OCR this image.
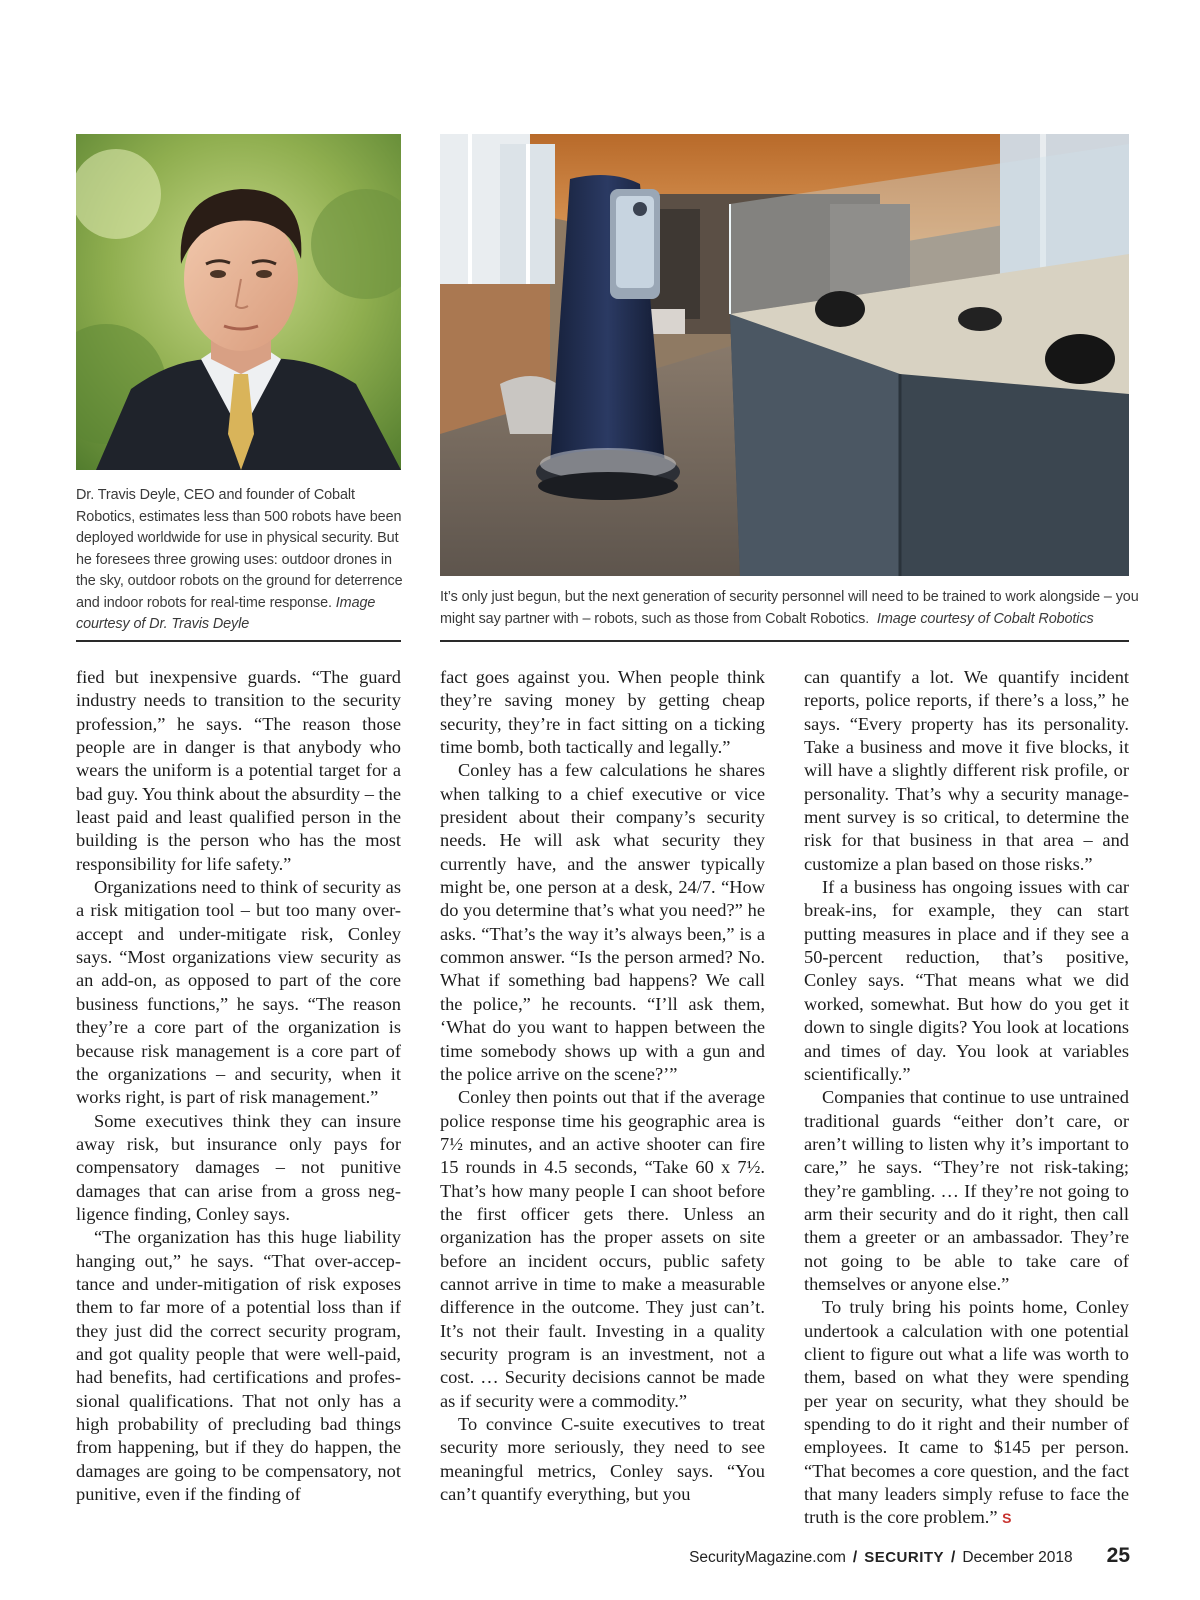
Dr. Travis Deyle, CEO and founder of Cobalt Robotics, estimates less than 500 robots have been deployed worldwide for use in physical security. But he foresees three growing uses: outdoor drones in the sky, outdoor robots on the ground for deterrence and indoor robots for real-time response. Image courtesy of Dr. Travis Deyle
It’s only just begun, but the next generation of security personnel will need to be trained to work alongside – you might say partner with – robots, such as those from Cobalt Robotics. Image courtesy of Cobalt Robotics

fied but inexpensive guards. “The guard industry needs to transition to the security profession,” he says. “The reason those people are in danger is that anybody who wears the uniform is a potential target for a bad guy. You think about the absurdity – the least paid and least qualified person in the building is the person who has the most responsibility for life safety.”

Organizations need to think of security as a risk mitigation tool – but too many over-accept and under-mitigate risk, Conley says. “Most organizations view security as an add-on, as opposed to part of the core business functions,” he says. “The reason they’re a core part of the organization is because risk management is a core part of the organizations – and security, when it works right, is part of risk management.”

Some executives think they can insure away risk, but insurance only pays for compensatory damages – not punitive damages that can arise from a gross negligence finding, Conley says.

“The organization has this huge liability hanging out,” he says. “That over-acceptance and under-mitigation of risk exposes them to far more of a potential loss than if they just did the correct security program, and got quality people that were well-paid, had benefits, had certifications and professional qualifications. That not only has a high probability of precluding bad things from happening, but if they do happen, the damages are going to be compensatory, not punitive, even if the finding of

fact goes against you. When people think they’re saving money by getting cheap security, they’re in fact sitting on a ticking time bomb, both tactically and legally.”

Conley has a few calculations he shares when talking to a chief executive or vice president about their company’s security needs. He will ask what security they currently have, and the answer typically might be, one person at a desk, 24/7. “How do you determine that’s what you need?” he asks. “That’s the way it’s always been,” is a common answer. “Is the person armed? No. What if something bad happens? We call the police,” he recounts. “I’ll ask them, ‘What do you want to happen between the time somebody shows up with a gun and the police arrive on the scene?’”

Conley then points out that if the average police response time his geographic area is 7½ minutes, and an active shooter can fire 15 rounds in 4.5 seconds, “Take 60 x 7½. That’s how many people I can shoot before the first officer gets there. Unless an organization has the proper assets on site before an incident occurs, public safety cannot arrive in time to make a measurable difference in the outcome. They just can’t. It’s not their fault. Investing in a quality security program is an investment, not a cost. … Security decisions cannot be made as if security were a commodity.”

To convince C-suite executives to treat security more seriously, they need to see meaningful metrics, Conley says. “You can’t quantify everything, but you

can quantify a lot. We quantify incident reports, police reports, if there’s a loss,” he says. “Every property has its personality. Take a business and move it five blocks, it will have a slightly different risk profile, or personality. That’s why a security management survey is so critical, to determine the risk for that business in that area – and customize a plan based on those risks.”

If a business has ongoing issues with car break-ins, for example, they can start putting measures in place and if they see a 50-percent reduction, that’s positive, Conley says. “That means what we did worked, somewhat. But how do you get it down to single digits? You look at locations and times of day. You look at variables scientifically.”

Companies that continue to use untrained traditional guards “either don’t care, or aren’t willing to listen why it’s important to care,” he says. “They’re not risk-taking; they’re gambling. … If they’re not going to arm their security and do it right, then call them a greeter or an ambassador. They’re not going to be able to take care of themselves or anyone else.”

To truly bring his points home, Conley undertook a calculation with one potential client to figure out what a life was worth to them, based on what they were spending per year on security, what they should be spending to do it right and their number of employees. It came to $145 per person. “That becomes a core question, and the fact that many leaders simply refuse to face the truth is the core problem.” S

SecurityMagazine.com / SECURITY / December 2018 25
